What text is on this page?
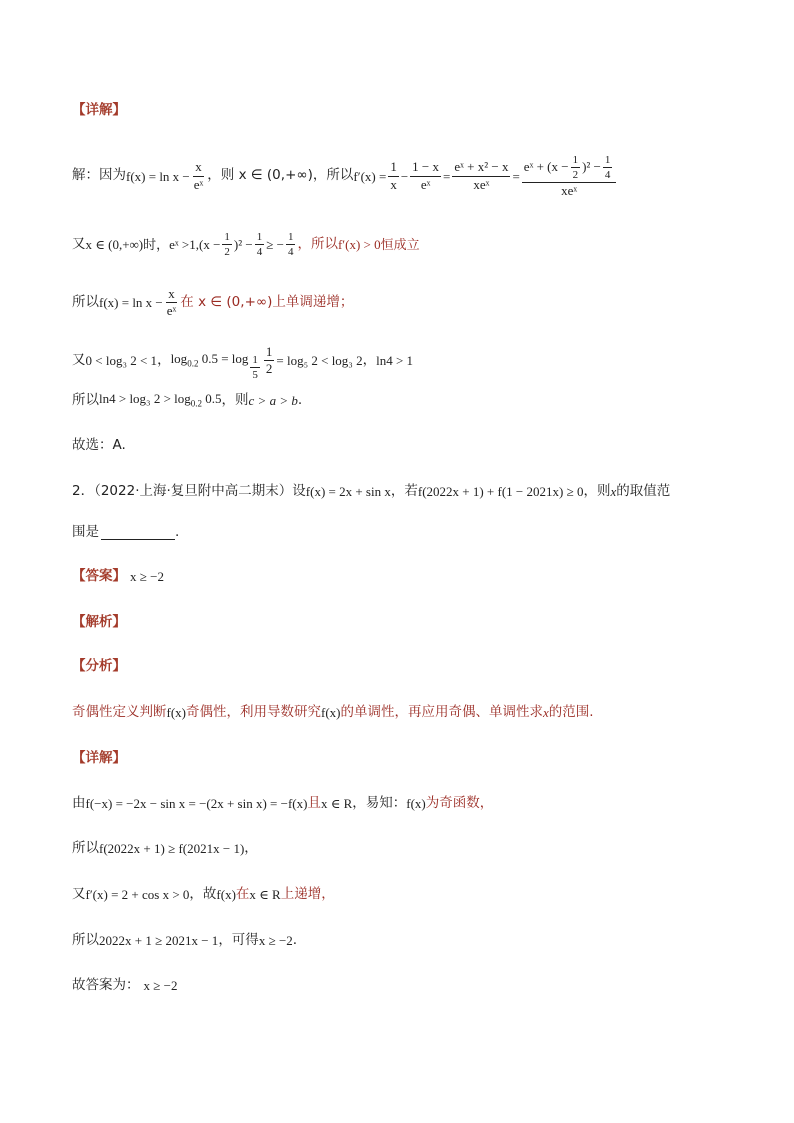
【详解】
解：因为 $f(x) = \ln x - \frac{x}{\text{eˣ}}$ ，则 x ∈ (0,+∞)，所以 $f'(x) = \frac{1}{x} - \frac{1 - x}{\text{eˣ}} = \frac{\text{eˣ + x² − x}}{\text{xeˣ}} = \frac{eˣ + (x - \frac{1}{2} )^2 - \frac{1}{4}}{\text{xeˣ}}$
又 x ∈ (0,+∞)时， eˣ $>1,(x - \frac{1}{2} )^2 - \frac{1}{4}$ ≥ − $\frac{1}{4}$ ，所以 f′(x) > 0恒成立
所以 $f(x) = \ln x - \frac{x}{\text{eˣ}}$ 在 x ∈ (0,+∞)上单调递增；
又 0 < log₃ 2 < 1 ， $\log_{0.2} 0.5 = \log \frac{1}{5} \frac{1}{2} = \log_5$ 2 < log₃ 2 ， ln4 > 1
所以 ln4 > log₃ $2 > \log_{0.2} 0.5$ ，则 c > a > b .
故选：A.
2．（2022·上海·复旦附中高二期末）设 f(x) = 2x + sin x ，若 f(2022x + 1) + f(1 − 2021x) ≥ 0 ，则 x 的取值范
围是	.
【答案】 x ≥ −2
【解析】
【分析】
奇偶性定义判断 f(x) 奇偶性，利用导数研究 f(x) 的单调性，再应用奇偶、单调性求 x 的范围.
【详解】
由 f(−x) = −2x − sin x = −(2x + sin x) = −f(x) 且 x ∈ R ，易知： f(x) 为奇函数，
所以 f(2022x + 1) ≥ f(2021x − 1) ，
又 f′(x) = 2 + cos x > 0 ，故 f(x) 在 x ∈ R 上递增，
所以 2022x + 1 ≥ 2021x − 1 ，可得 x ≥ −2 .
故答案为： x ≥ −2
